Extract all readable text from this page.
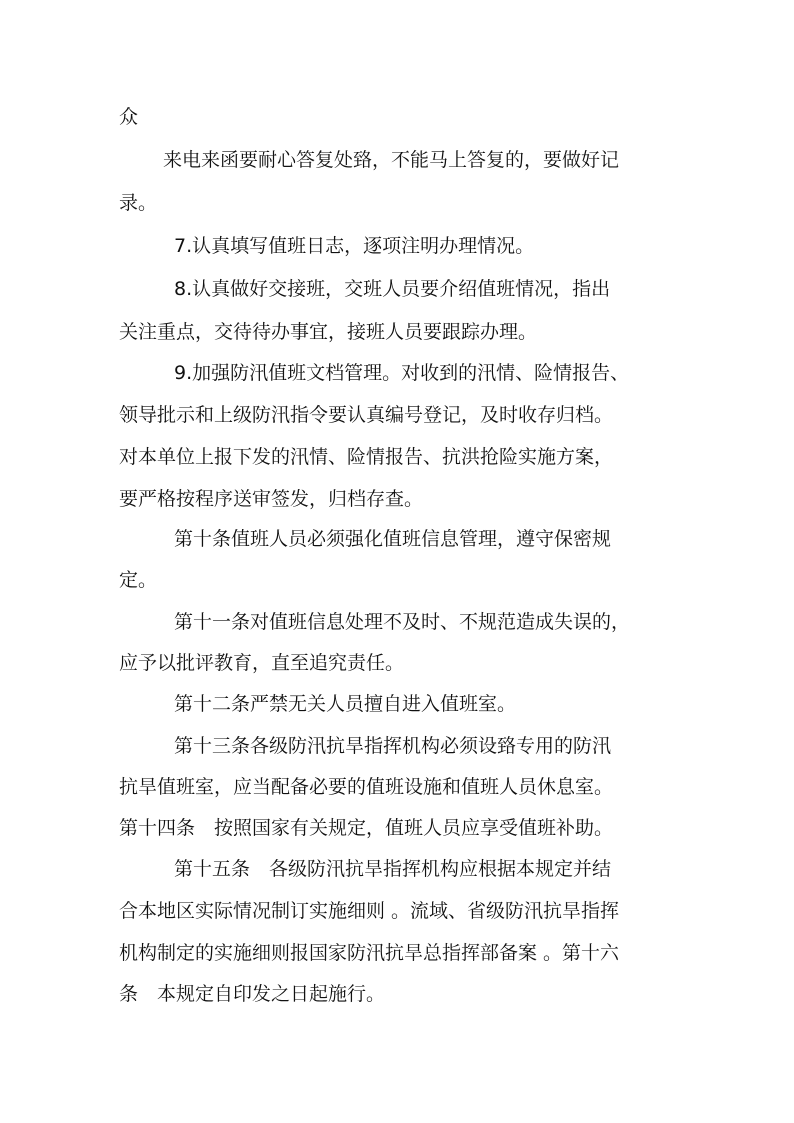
众

来电来函要耐心答复处臵，不能马上答复的，要做好记

录。

7.认真填写值班日志，逐项注明办理情况。

8.认真做好交接班，交班人员要介绍值班情况，指出

关注重点，交待待办事宜，接班人员要跟踪办理。

9.加强防汛值班文档管理。对收到的汛情、险情报告、

领导批示和上级防汛指令要认真编号登记，及时收存归档。

对本单位上报下发的汛情、险情报告、抗洪抢险实施方案，

要严格按程序送审签发，归档存查。

第十条值班人员必须强化值班信息管理，遵守保密规

定。

第十一条对值班信息处理不及时、不规范造成失误的，

应予以批评教育，直至追究责任。

第十二条严禁无关人员擅自进入值班室。

第十三条各级防汛抗旱指挥机构必须设臵专用的防汛

抗旱值班室，应当配备必要的值班设施和值班人员休息室。

第十四条　按照国家有关规定，值班人员应享受值班补助。

第十五条　各级防汛抗旱指挥机构应根据本规定并结

合本地区实际情况制订实施细则 。流域、省级防汛抗旱指挥

机构制定的实施细则报国家防汛抗旱总指挥部备案 。第十六

条　本规定自印发之日起施行。
